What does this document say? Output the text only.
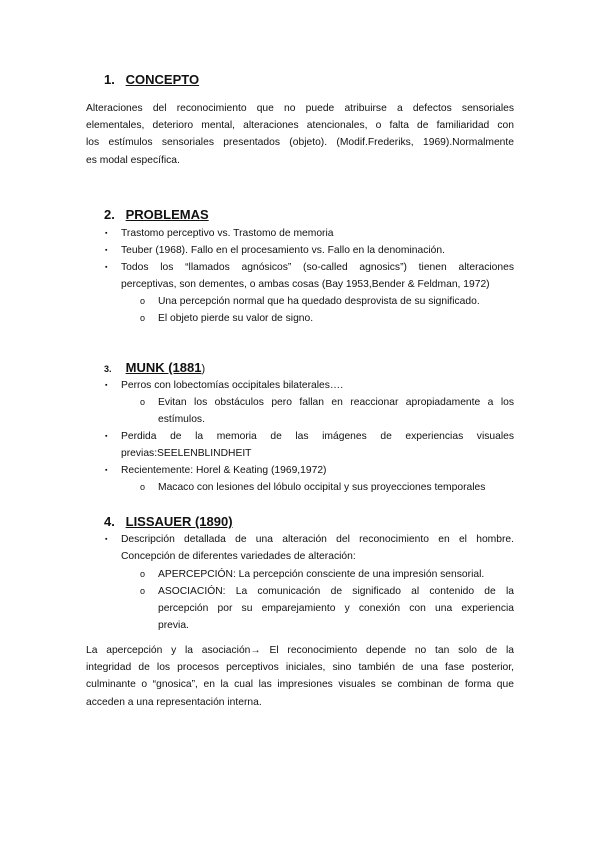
1. CONCEPTO
Alteraciones del reconocimiento que no puede atribuirse a defectos sensoriales
elementales, deterioro mental, alteraciones atencionales, o falta de familiaridad con
los estímulos sensoriales presentados (objeto). (Modif.Frederiks, 1969).Normalmente
es modal específica.
2. PROBLEMAS
▪ Trastomo perceptivo vs. Trastomo de memoria
▪ Teuber (1968). Fallo en el procesamiento vs. Fallo en la denominación.
▪ Todos los “llamados agnósicos” (so-called agnosics”) tienen alteraciones
perceptivas, son dementes, o ambas cosas (Bay 1953,Bender & Feldman, 1972)
o Una percepción normal que ha quedado desprovista de su significado.
o El objeto pierde su valor de signo.
3. MUNK (1881)
▪ Perros con lobectomías occipitales bilaterales….
o Evitan los obstáculos pero fallan en reaccionar apropiadamente a los
estímulos.
▪ Perdida de la memoria de las imágenes de experiencias visuales
previas:SEELENBLINDHEIT
▪ Recientemente: Horel & Keating (1969,1972)
o Macaco con lesiones del lóbulo occipital y sus proyecciones temporales
4. LISSAUER (1890)
▪ Descripción detallada de una alteración del reconocimiento en el hombre.
Concepción de diferentes variedades de alteración:
o APERCEPCIÓN: La percepción consciente de una impresión sensorial.
o ASOCIACIÓN: La comunicación de significado al contenido de la
percepción por su emparejamiento y conexión con una experiencia
previa.
La apercepción y la asociación→ El reconocimiento depende no tan solo de la
integridad de los procesos perceptivos iniciales, sino también de una fase posterior,
culminante o “gnosica”, en la cual las impresiones visuales se combinan de forma que
acceden a una representación interna.
